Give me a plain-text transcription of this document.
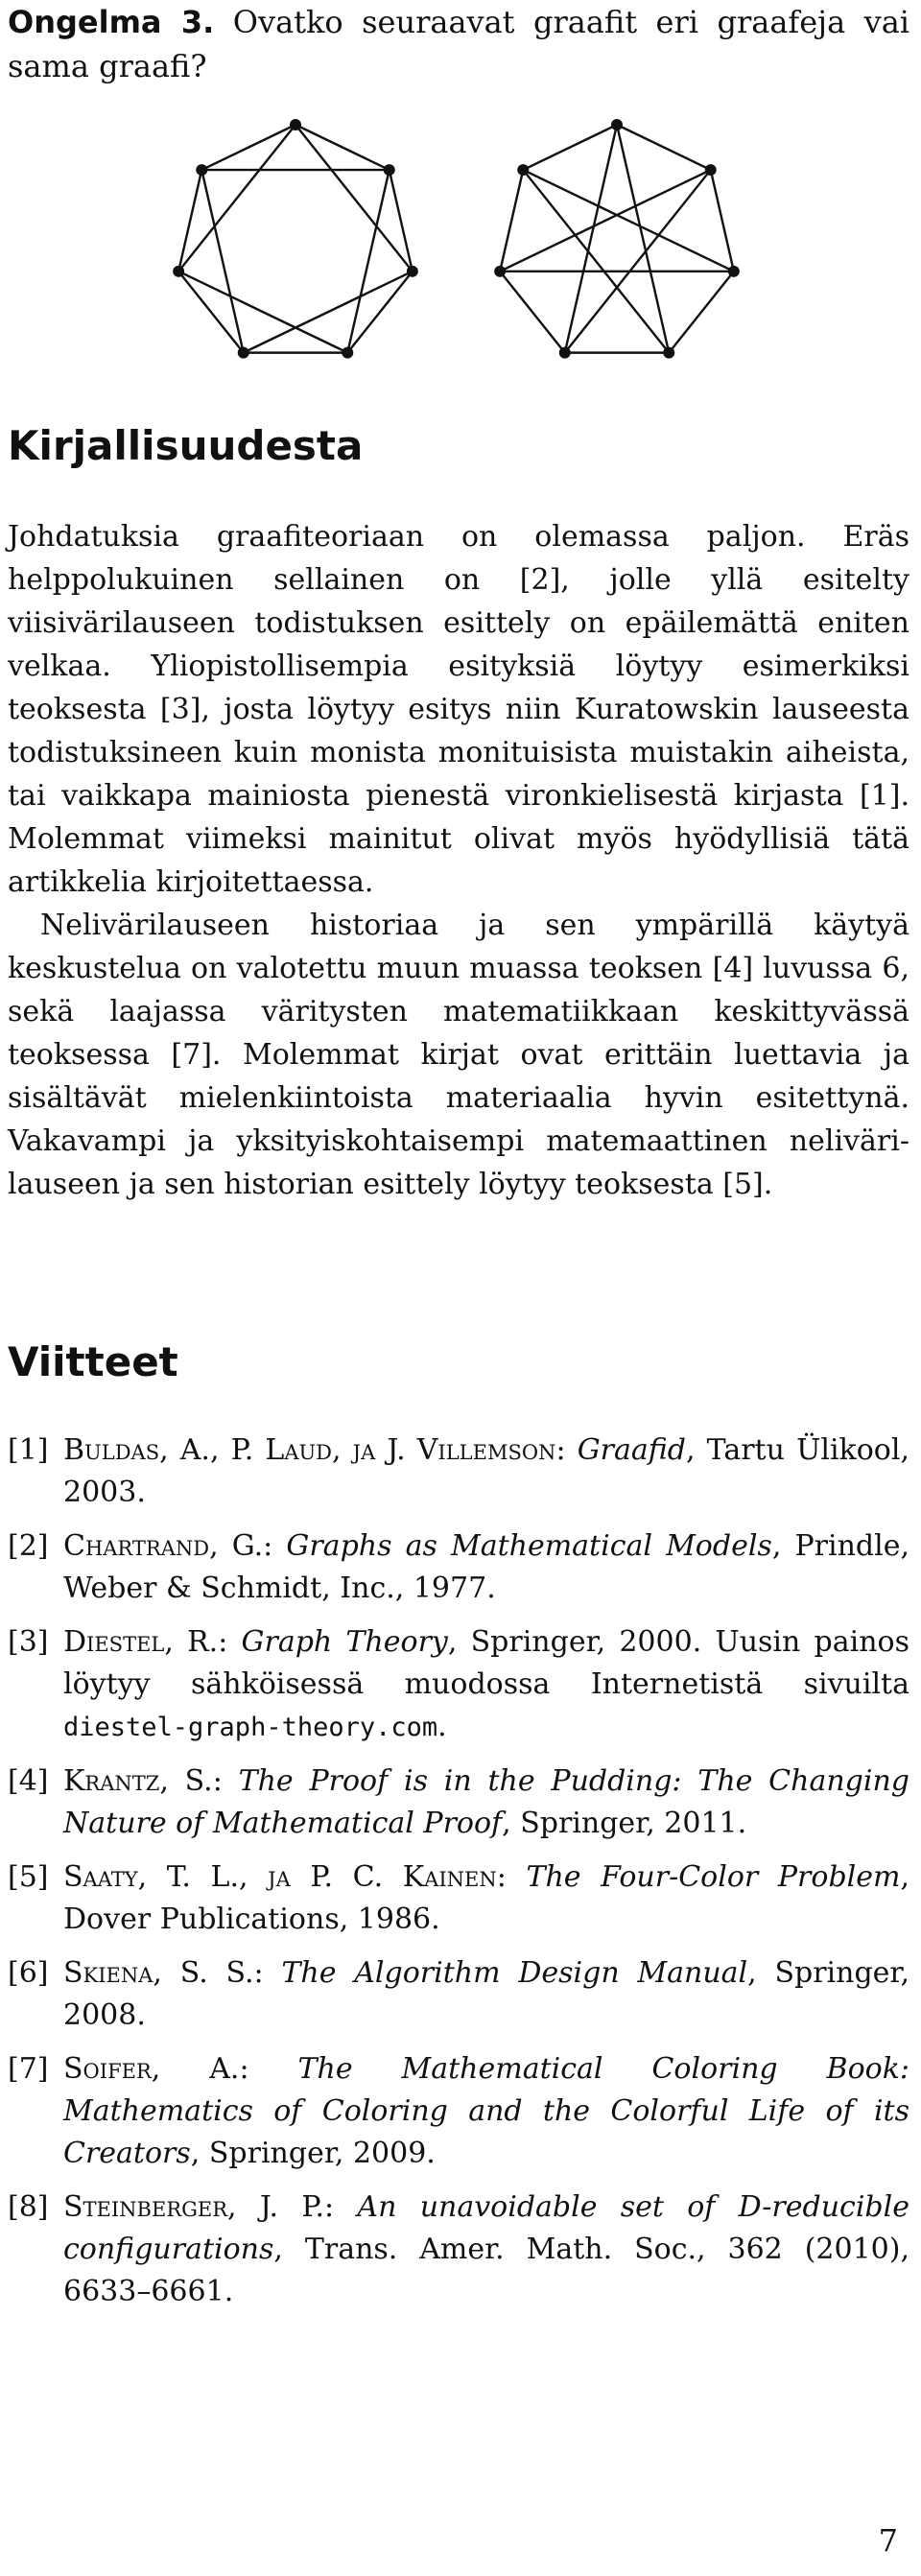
Ongelma 3. Ovatko seuraavat graafit eri graafeja vai sama graafi?

Kirjallisuudesta

Johdatuksia graafiteoriaan on olemassa paljon. Eräs helppolukuinen sellainen on [2], jolle yllä esitelty viisivärilauseen todistuksen esittely on epäilemättä eniten velkaa. Yliopistollisempia esityksiä löytyy esimerkiksi teoksesta [3], josta löytyy esitys niin Kuratowskin lauseesta todistuksineen kuin monista monituisista muistakin aiheista, tai vaikkapa mainiosta pienestä vironkielisestä kirjasta [1]. Molemmat viimeksi mainitut olivat myös hyödyllisiä tätä artikkelia kirjoitettaessa.

Nelivärilauseen historiaa ja sen ympärillä käytyä keskustelua on valotettu muun muassa teoksen [4] luvussa 6, sekä laajassa väritysten matematiikkaan keskittyvässä teoksessa [7]. Molemmat kirjat ovat erittäin luettavia ja sisältävät mielenkiintoista materiaalia hyvin esitettynä. Vakavampi ja yksityiskohtaisempi matemaattinen nelivärilauseen ja sen historian esittely löytyy teoksesta [5].

Viitteet
[1] Buldas, A., P. Laud, ja J. Villemson: Graafid, Tartu Ülikool, 2003.
[2] Chartrand, G.: Graphs as Mathematical Models, Prindle, Weber & Schmidt, Inc., 1977.
[3] Diestel, R.: Graph Theory, Springer, 2000. Uusin painos löytyy sähköisessä muodossa Internetistä sivuilta diestel-graph-theory.com.
[4] Krantz, S.: The Proof is in the Pudding: The Changing Nature of Mathematical Proof, Springer, 2011.
[5] Saaty, T. L., ja P. C. Kainen: The Four-Color Problem, Dover Publications, 1986.
[6] Skiena, S. S.: The Algorithm Design Manual, Springer, 2008.
[7] Soifer, A.: The Mathematical Coloring Book: Mathematics of Coloring and the Colorful Life of its Creators, Springer, 2009.
[8] Steinberger, J. P.: An unavoidable set of D-reducible configurations, Trans. Amer. Math. Soc., 362 (2010), 6633–6661.
7
